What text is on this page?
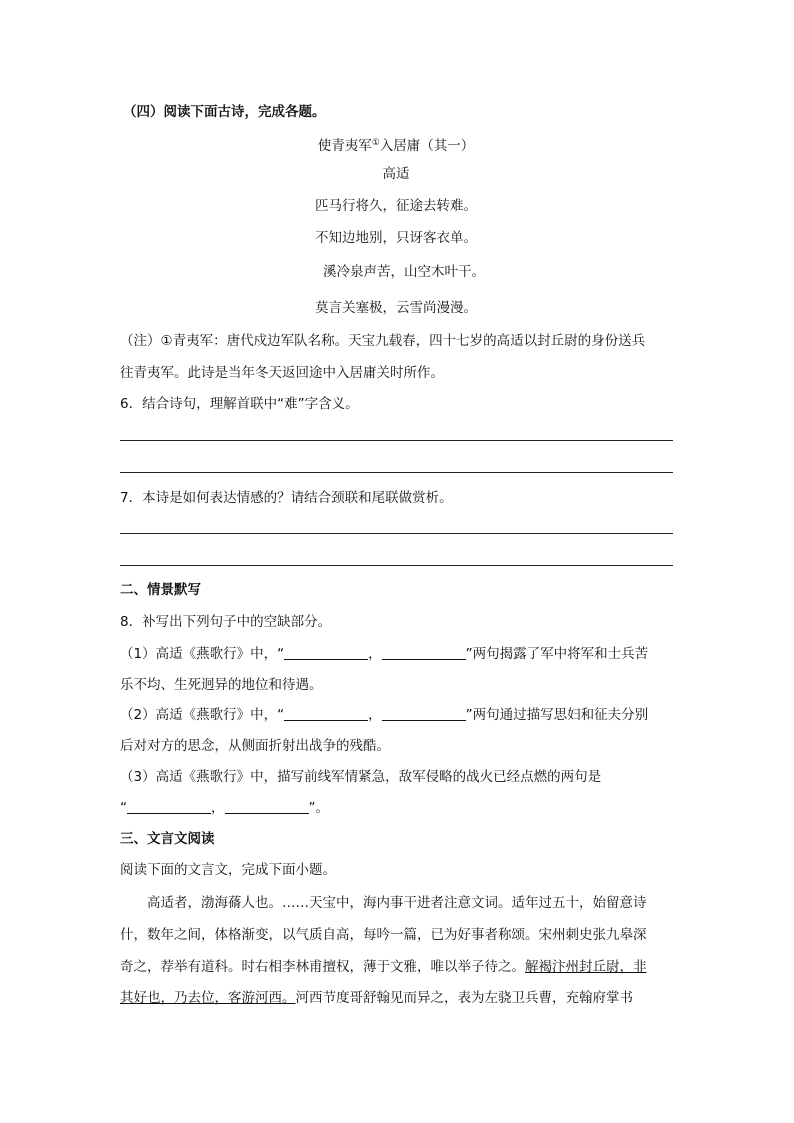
（四）阅读下面古诗，完成各题。
使青夷军①入居庸（其一）
高适
匹马行将久，征途去转难。
不知边地别，只讶客衣单。
溪冷泉声苦，山空木叶干。
莫言关塞极，云雪尚漫漫。
（注）①青夷军：唐代戍边军队名称。天宝九载春，四十七岁的高适以封丘尉的身份送兵
往青夷军。此诗是当年冬天返回途中入居庸关时所作。
6．结合诗句，理解首联中“难”字含义。
7．本诗是如何表达情感的？请结合颈联和尾联做赏析。
二、情景默写
8．补写出下列句子中的空缺部分。
（1）高适《燕歌行》中，“	，	”两句揭露了军中将军和士兵苦
乐不均、生死迥异的地位和待遇。
（2）高适《燕歌行》中，“	，	”两句通过描写思妇和征夫分别
后对对方的思念，从侧面折射出战争的残酷。
（3）高适《燕歌行》中，描写前线军情紧急，敌军侵略的战火已经点燃的两句是
“	，	”。
三、文言文阅读
阅读下面的文言文，完成下面小题。
高适者，渤海蓨人也。……天宝中，海内事干进者注意文词。适年过五十，始留意诗
什，数年之间，体格渐变，以气质自高，每吟一篇，已为好事者称颂。宋州刺史张九皋深
奇之，荐举有道科。时右相李林甫擅权，薄于文雅，唯以举子待之。解褐汴州封丘尉，非
其好也，乃去位，客游河西。河西节度哥舒翰见而异之，表为左骁卫兵曹，充翰府掌书
